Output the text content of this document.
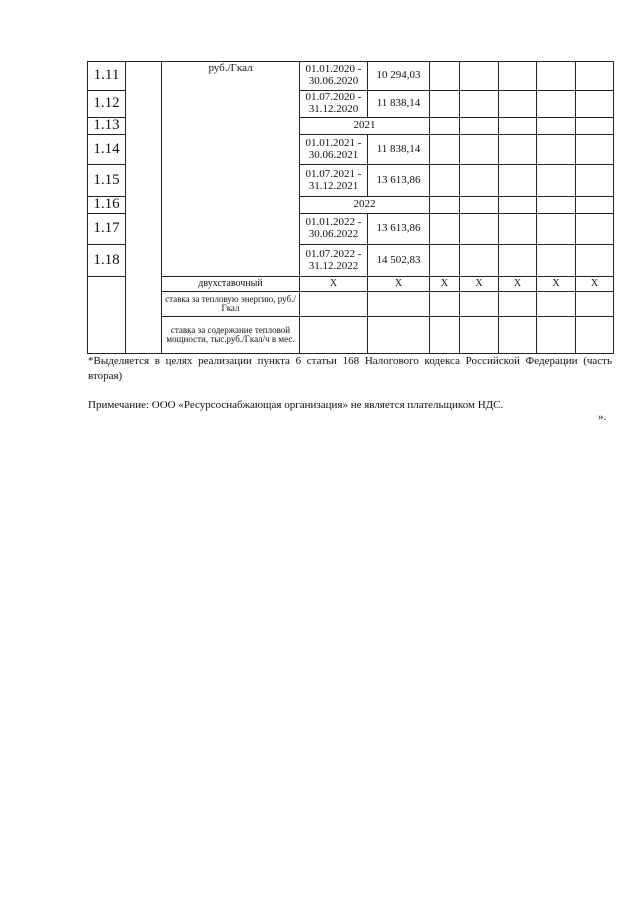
1.11		руб./Гкал	01.01.2020 - 30.06.2020	10 294,03					
1.12			01.07.2020 - 31.12.2020	11 838,14					
1.13			2021						
1.14			01.01.2021 - 30.06.2021	11 838,14					
1.15			01.07.2021 - 31.12.2021	13 613,86					
1.16			2022						
1.17			01.01.2022 - 30.06.2022	13 613,86					
1.18			01.07.2022 - 31.12.2022	14 502,83					
		двухставочный	X	X	X	X	X	X	X
		ставка за тепловую энергию, руб./Гкал							
		ставка за содержание тепловой мощности, тыс.руб./Гкал/ч в мес.							
*Выделяется в целях реализации пункта 6 статьи 168 Налогового кодекса Российской Федерации (часть вторая)
Примечание: ООО «Ресурсоснабжающая организация» не является плательщиком НДС.
».
